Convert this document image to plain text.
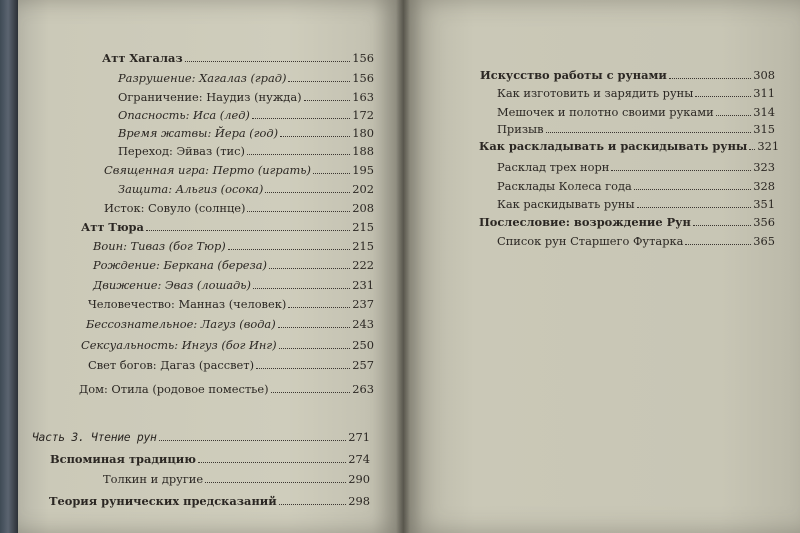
Атт Хагалаз	156
Разрушение: Хагалаз (град)	156
Ограничение: Наудиз (нужда)	163
Опасность: Иса (лед)	172
Время жатвы: Йера (год)	180
Переход: Эйваз (тис)	188
Священная игра: Перто (играть)	195
Защита: Альгиз (осока)	202
Исток: Совуло (солнце)	208
Атт Тюра	215
Воин: Тиваз (бог Тюр)	215
Рождение: Беркана (береза)	222
Движение: Эваз (лошадь)	231
Человечество: Манназ (человек)	237
Бессознательное: Лагуз (вода)	243
Сексуальность: Ингуз (бог Инг)	250
Свет богов: Дагаз (рассвет)	257
Дом: Отила (родовое поместье)	263
Часть 3. Чтение рун	271
Вспоминая традицию	274
Толкин и другие	290
Теория рунических предсказаний	298
Искусство работы с рунами	308
Как изготовить и зарядить руны	311
Мешочек и полотно своими руками	314
Призыв	315
Как раскладывать и раскидывать руны 321
Расклад трех норн	323
Расклады Колеса года	328
Как раскидывать руны	351
Послесловие: возрождение Рун	356
Список рун Старшего Футарка	365
